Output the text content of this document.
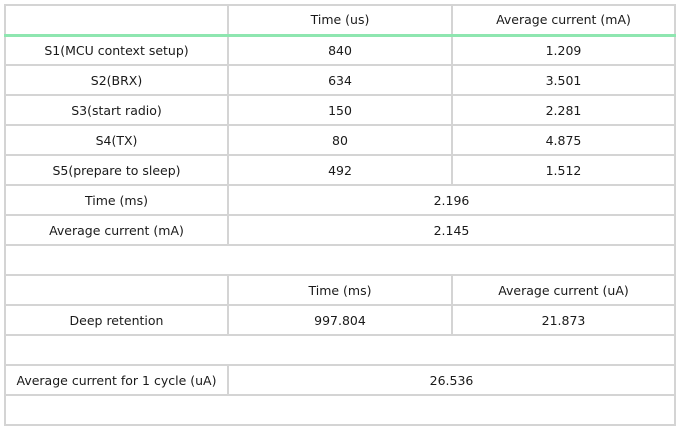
	Time (us)	Average current (mA)
S1(MCU context setup)	840	1.209
S2(BRX)	634	3.501
S3(start radio)	150	2.281
S4(TX)	80	4.875
S5(prepare to sleep)	492	1.512
Time (ms)	2.196	
Average current (mA)	2.145	

	Time (ms)	Average current (uA)
Deep retention	997.804	21.873

Average current for 1 cycle (uA)	26.536	
